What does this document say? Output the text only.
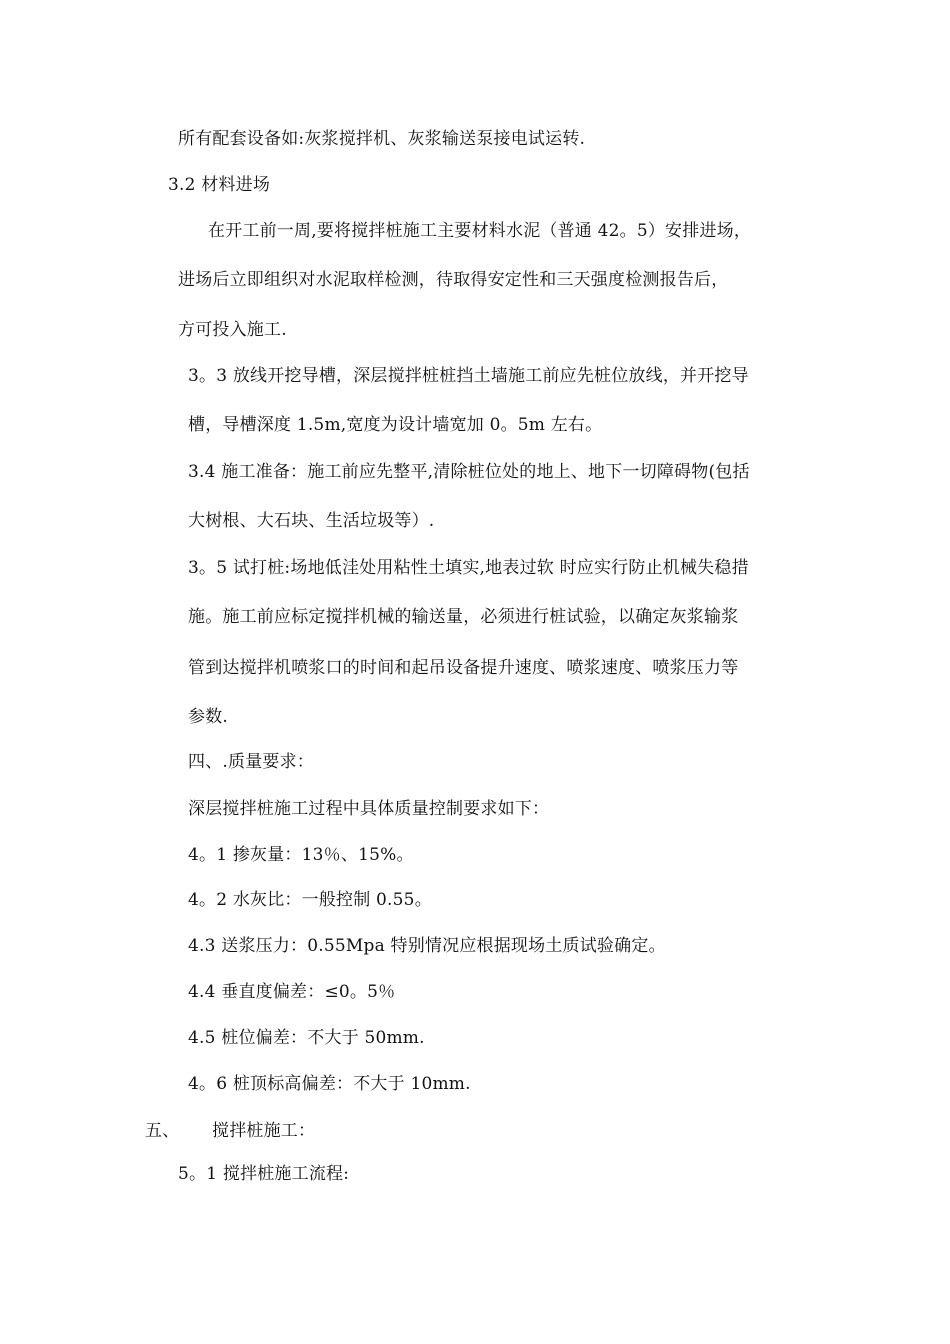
所有配套设备如:灰浆搅拌机、灰浆输送泵接电试运转.
3.2 材料进场
在开工前一周,要将搅拌桩施工主要材料水泥（普通 42。5）安排进场，
进场后立即组织对水泥取样检测，待取得安定性和三天强度检测报告后，
方可投入施工.
3。3 放线开挖导槽，深层搅拌桩桩挡土墙施工前应先桩位放线，并开挖导
槽，导槽深度 1.5m,宽度为设计墙宽加 0。5m 左右。
3.4 施工准备：施工前应先整平,清除桩位处的地上、地下一切障碍物(包括
大树根、大石块、生活垃圾等）.
3。5 试打桩:场地低洼处用粘性土填实,地表过软 时应实行防止机械失稳措
施。施工前应标定搅拌机械的输送量，必须进行桩试验，以确定灰浆输浆
管到达搅拌机喷浆口的时间和起吊设备提升速度、喷浆速度、喷浆压力等
参数.
四、.质量要求：
深层搅拌桩施工过程中具体质量控制要求如下：
4。1 掺灰量：13％、15%。
4。2 水灰比：一般控制 0.55。
4.3 送浆压力：0.55Mpa 特别情况应根据现场土质试验确定。
4.4 垂直度偏差：≤0。5％
4.5 桩位偏差：不大于 50mm.
4。6 桩顶标高偏差：不大于 10mm.
五、 搅拌桩施工：
5。1 搅拌桩施工流程:
